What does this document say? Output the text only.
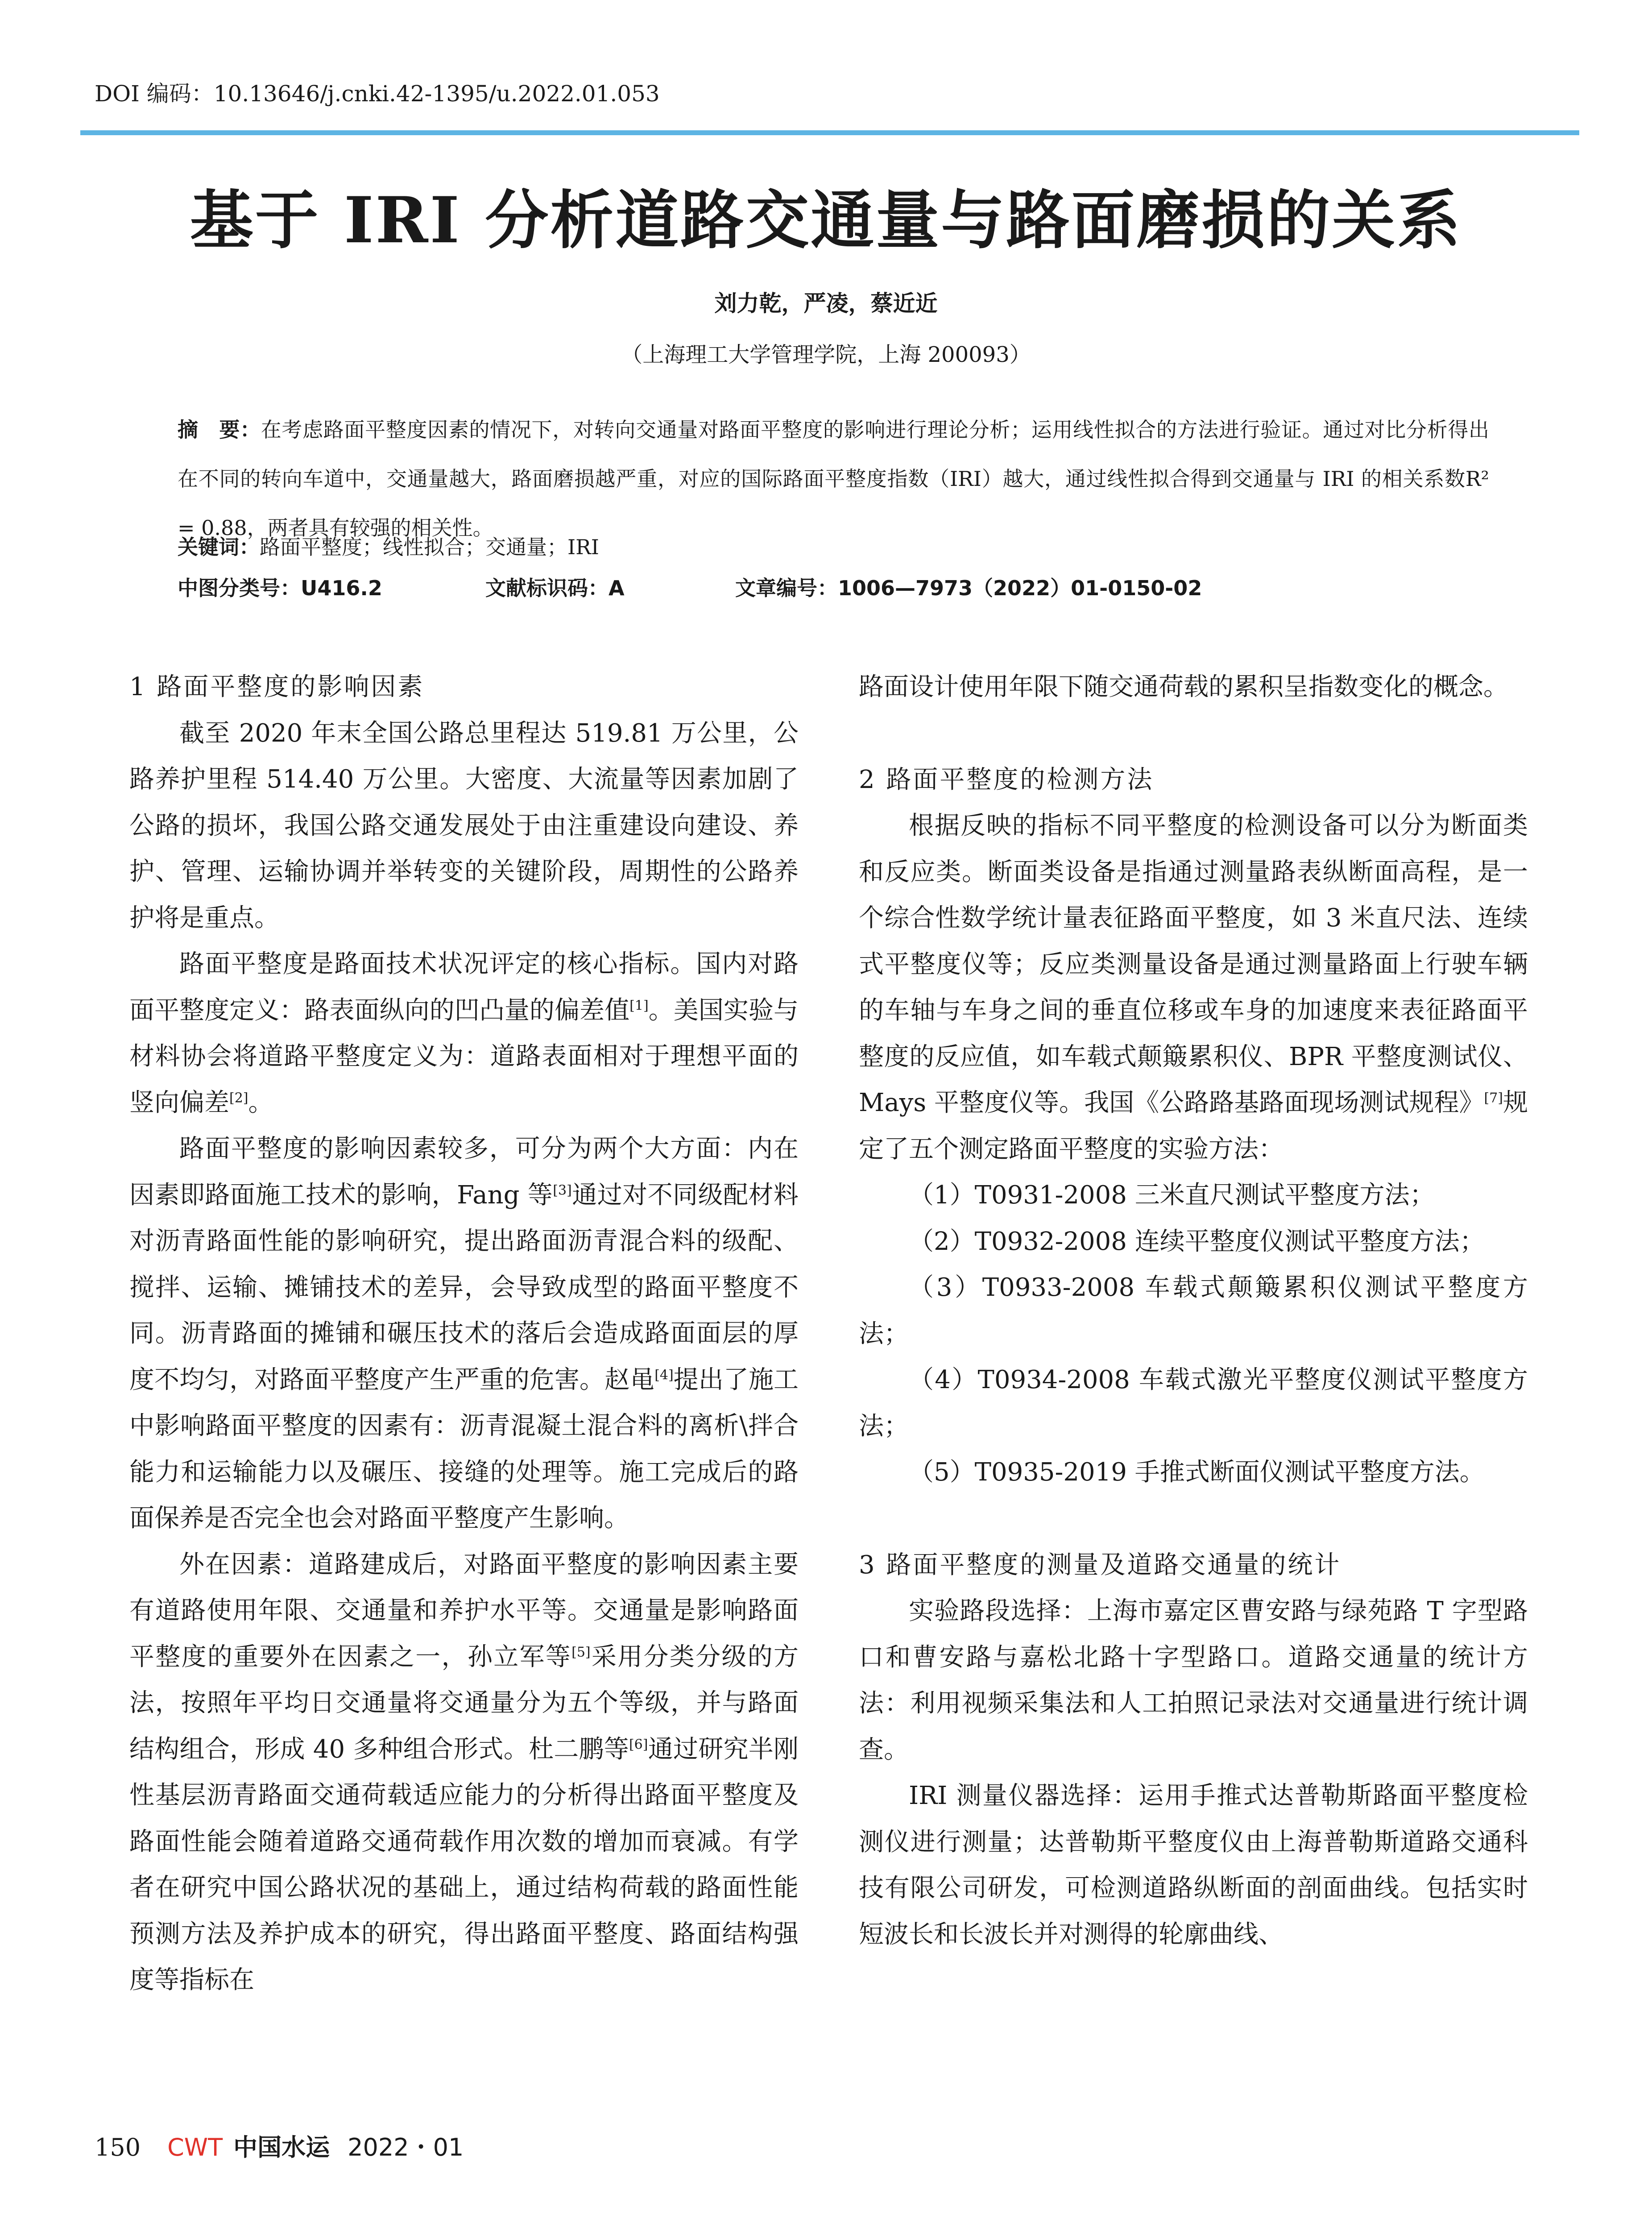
DOI 编码：10.13646/j.cnki.42-1395/u.2022.01.053
基于 IRI 分析道路交通量与路面磨损的关系
刘力乾，严凌，蔡近近
（上海理工大学管理学院，上海 200093）
摘　要：在考虑路面平整度因素的情况下，对转向交通量对路面平整度的影响进行理论分析；运用线性拟合的方法进行验证。通过对比分析得出在不同的转向车道中，交通量越大，路面磨损越严重，对应的国际路面平整度指数（IRI）越大，通过线性拟合得到交通量与 IRI 的相关系数R² = 0.88，两者具有较强的相关性。
关键词：路面平整度；线性拟合；交通量；IRI
中图分类号：U416.2	文献标识码：A	文章编号：1006—7973（2022）01-0150-02

1 路面平整度的影响因素

截至 2020 年末全国公路总里程达 519.81 万公里，公路养护里程 514.40 万公里。大密度、大流量等因素加剧了公路的损坏，我国公路交通发展处于由注重建设向建设、养护、管理、运输协调并举转变的关键阶段，周期性的公路养护将是重点。

路面平整度是路面技术状况评定的核心指标。国内对路面平整度定义：路表面纵向的凹凸量的偏差值[1]。美国实验与材料协会将道路平整度定义为：道路表面相对于理想平面的竖向偏差[2]。

路面平整度的影响因素较多，可分为两个大方面：内在因素即路面施工技术的影响，Fang 等[3]通过对不同级配材料对沥青路面性能的影响研究，提出路面沥青混合料的级配、搅拌、运输、摊铺技术的差异，会导致成型的路面平整度不同。沥青路面的摊铺和碾压技术的落后会造成路面面层的厚度不均匀，对路面平整度产生严重的危害。赵黾[4]提出了施工中影响路面平整度的因素有：沥青混凝土混合料的离析\拌合能力和运输能力以及碾压、接缝的处理等。施工完成后的路面保养是否完全也会对路面平整度产生影响。

外在因素：道路建成后，对路面平整度的影响因素主要有道路使用年限、交通量和养护水平等。交通量是影响路面平整度的重要外在因素之一，孙立军等[5]采用分类分级的方法，按照年平均日交通量将交通量分为五个等级，并与路面结构组合，形成 40 多种组合形式。杜二鹏等[6]通过研究半刚性基层沥青路面交通荷载适应能力的分析得出路面平整度及路面性能会随着道路交通荷载作用次数的增加而衰减。有学者在研究中国公路状况的基础上，通过结构荷载的路面性能预测方法及养护成本的研究，得出路面平整度、路面结构强度等指标在

路面设计使用年限下随交通荷载的累积呈指数变化的概念。

2 路面平整度的检测方法

根据反映的指标不同平整度的检测设备可以分为断面类和反应类。断面类设备是指通过测量路表纵断面高程，是一个综合性数学统计量表征路面平整度，如 3 米直尺法、连续式平整度仪等；反应类测量设备是通过测量路面上行驶车辆的车轴与车身之间的垂直位移或车身的加速度来表征路面平整度的反应值，如车载式颠簸累积仪、BPR 平整度测试仪、Mays 平整度仪等。我国《公路路基路面现场测试规程》[7]规定了五个测定路面平整度的实验方法：

（1）T0931-2008 三米直尺测试平整度方法；

（2）T0932-2008 连续平整度仪测试平整度方法；

（3）T0933-2008 车载式颠簸累积仪测试平整度方法；

（4）T0934-2008 车载式激光平整度仪测试平整度方法；

（5）T0935-2019 手推式断面仪测试平整度方法。

3 路面平整度的测量及道路交通量的统计

实验路段选择：上海市嘉定区曹安路与绿苑路 T 字型路口和曹安路与嘉松北路十字型路口。道路交通量的统计方法：利用视频采集法和人工拍照记录法对交通量进行统计调查。

IRI 测量仪器选择：运用手推式达普勒斯路面平整度检测仪进行测量；达普勒斯平整度仪由上海普勒斯道路交通科技有限公司研发，可检测道路纵断面的剖面曲线。包括实时短波长和长波长并对测得的轮廓曲线、

150 CWT 中国水运 2022・01
